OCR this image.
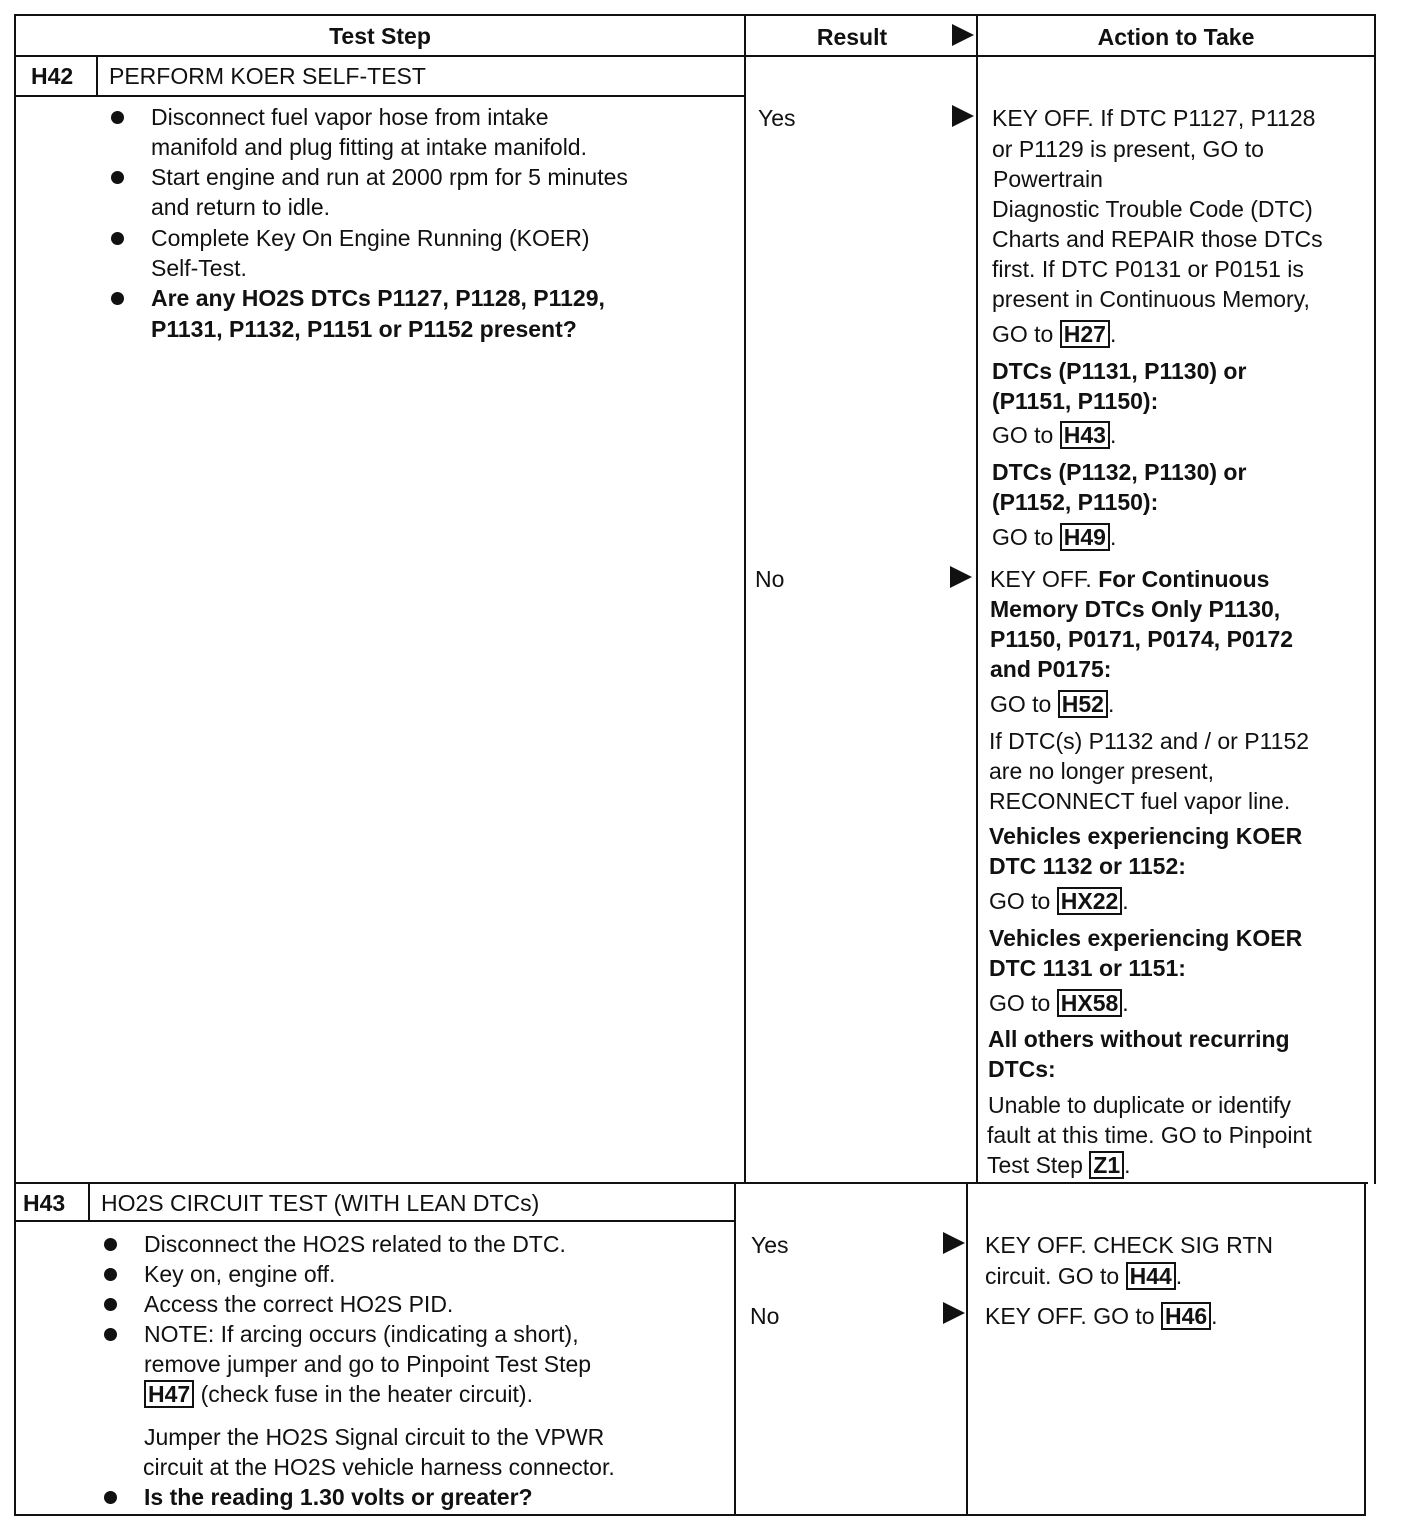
Test Step	Result	Action to Take
H42 PERFORM KOER SELF-TEST
Disconnect fuel vapor hose from intake
manifold and plug fitting at intake manifold.
Start engine and run at 2000 rpm for 5 minutes
and return to idle.
Complete Key On Engine Running (KOER)
Self-Test.
Are any HO2S DTCs P1127, P1128, P1129,
P1131, P1132, P1151 or P1152 present?
Yes
No
KEY OFF. If DTC P1127, P1128
or P1129 is present, GO to
Powertrain
Diagnostic Trouble Code (DTC)
Charts and REPAIR those DTCs
first. If DTC P0131 or P0151 is
present in Continuous Memory,
GO to
H27 .
DTCs (P1131, P1130) or
(P1151, P1150):
GO to
H43 .
DTCs (P1132, P1130) or
(P1152, P1150):
GO to
H49 .
KEY OFF. For Continuous
Memory DTCs Only P1130,
P1150, P0171, P0174, P0172
and P0175:
GO to
H52 .
If DTC(s) P1132 and / or P1152
are no longer present,
RECONNECT fuel vapor line.
Vehicles experiencing KOER
DTC 1132 or 1152:
GO to
HX22 .
Vehicles experiencing KOER
DTC 1131 or 1151:
GO to
HX58 .
All others without recurring
DTCs:
Unable to duplicate or identify
fault at this time. GO to Pinpoint
Test Step
Z1 .
H43 HO2S CIRCUIT TEST (WITH LEAN DTCs)
Disconnect the HO2S related to the DTC.
Key on, engine off.
Access the correct HO2S PID.
NOTE: If arcing occurs (indicating a short),
remove jumper and go to Pinpoint Test Step
H47
(check fuse in the heater circuit).
Jumper the HO2S Signal circuit to the VPWR
circuit at the HO2S vehicle harness connector.
Is the reading 1.30 volts or greater?
Yes
No
KEY OFF. CHECK SIG RTN
circuit. GO to
H44 .
KEY OFF. GO to
H46 .
